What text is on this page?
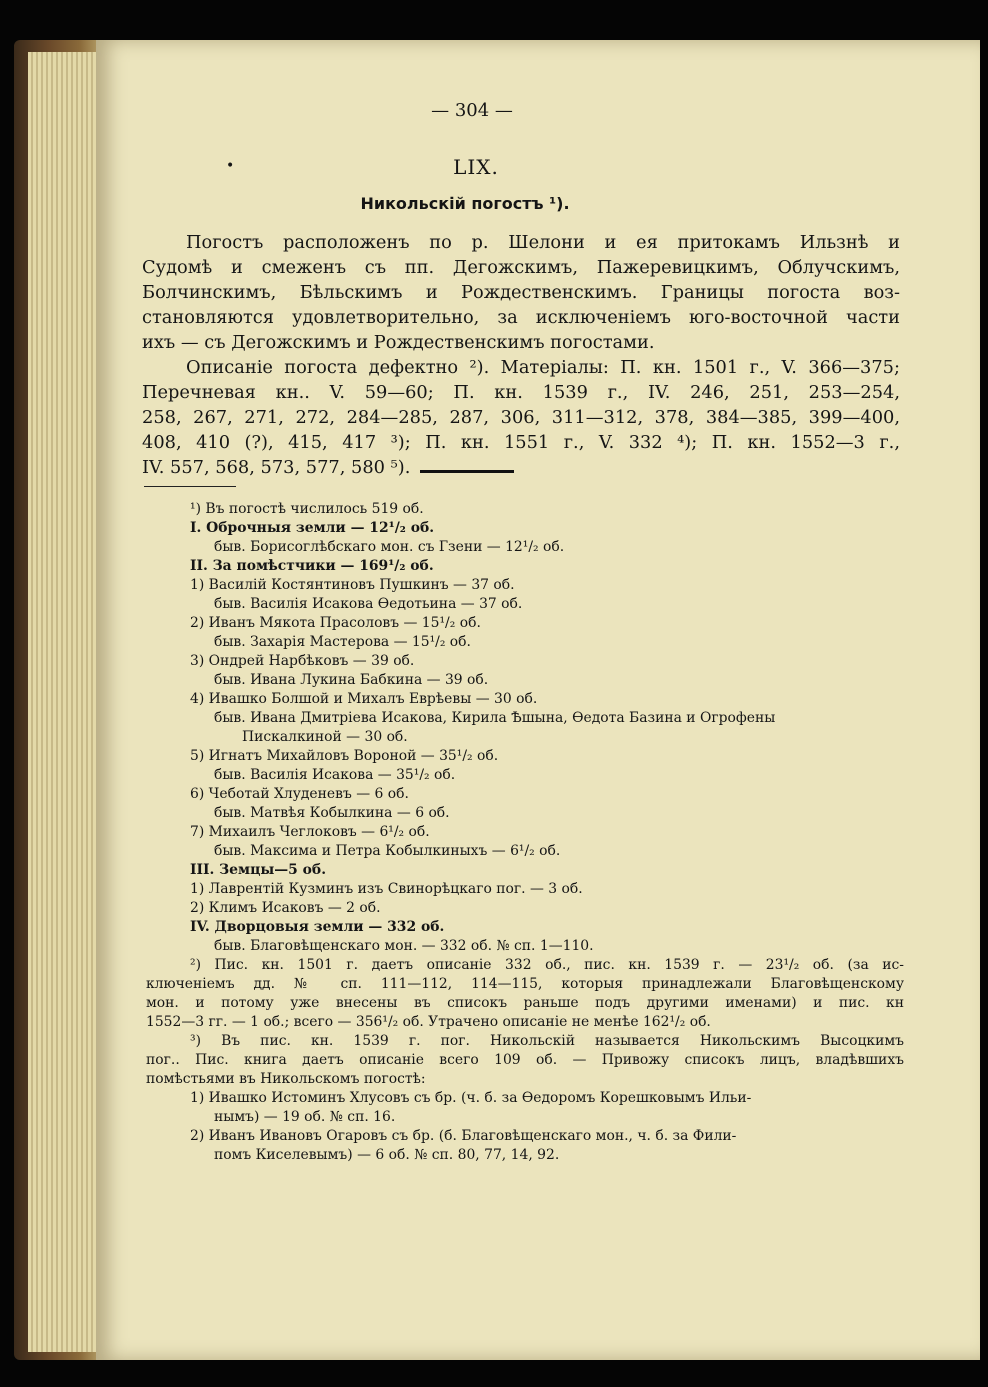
— 304 —
•	LIX.
Никольскій погостъ ¹).
Погостъ расположенъ по р. Шелони и ея притокамъ Ильзнѣ и
Судомѣ и смеженъ съ пп. Дегожскимъ, Пажеревицкимъ, Облучскимъ,
Болчинскимъ, Бѣльскимъ и Рождественскимъ. Границы погоста воз-
становляются удовлетворительно, за исключеніемъ юго-восточной части
ихъ — съ Дегожскимъ и Рождественскимъ погостами.
Описаніе погоста дефектно ²). Матеріалы: П. кн. 1501 г., V. 366—375;
Перечневая кн.. V. 59—60; П. кн. 1539 г., IV. 246, 251, 253—254,
258, 267, 271, 272, 284—285, 287, 306, 311—312, 378, 384—385, 399—400,
408, 410 (?), 415, 417 ³); П. кн. 1551 г., V. 332 ⁴); П. кн. 1552—3 г.,
IV. 557, 568, 573, 577, 580 ⁵).
¹) Въ погостѣ числилось 519 об.
I. Оброчныя земли — 12¹/₂ об.
быв. Борисоглѣбскаго мон. съ Гзени — 12¹/₂ об.
II. За помѣстчики — 169¹/₂ об.
1) Василій Костянтиновъ Пушкинъ — 37 об.
быв. Василія Исакова Өедотьина — 37 об.
2) Иванъ Мякота Прасоловъ — 15¹/₂ об.
быв. Захарія Мастерова — 15¹/₂ об.
3) Ондрей Нарбѣковъ — 39 об.
быв. Ивана Лукина Бабкина — 39 об.
4) Ивашко Болшой и Михалъ Еврѣевы — 30 об.
быв. Ивана Дмитріева Исакова, Кирила Ѣшына, Өедота Базина и Огрофены
Пискалкиной — 30 об.
5) Игнатъ Михайловъ Вороной — 35¹/₂ об.
быв. Василія Исакова — 35¹/₂ об.
6) Чеботай Хлуденевъ — 6 об.
быв. Матвѣя Кобылкина — 6 об.
7) Михаилъ Чеглоковъ — 6¹/₂ об.
быв. Максима и Петра Кобылкиныхъ — 6¹/₂ об.
III. Земцы—5 об.
1) Лаврентій Кузминъ изъ Свинорѣцкаго пог. — 3 об.
2) Климъ Исаковъ — 2 об.
IV. Дворцовыя земли — 332 об.
быв. Благовѣщенскаго мон. — 332 об. № сп. 1—110.
²) Пис. кн. 1501 г. даетъ описаніе 332 об., пис. кн. 1539 г. — 23¹/₂ об. (за ис-
ключеніемъ дд. № сп. 111—112, 114—115, которыя принадлежали Благовѣщенскому
мон. и потому уже внесены въ списокъ раньше подъ другими именами) и пис. кн
1552—3 гг. — 1 об.; всего — 356¹/₂ об. Утрачено описаніе не менѣе 162¹/₂ об.
³) Въ пис. кн. 1539 г. пог. Никольскій называется Никольскимъ Высоцкимъ
пог.. Пис. книга даетъ описаніе всего 109 об. — Привожу списокъ лицъ, владѣвшихъ
помѣстьями въ Никольскомъ погостѣ:
1) Ивашко Истоминъ Хлусовъ съ бр. (ч. б. за Өедоромъ Корешковымъ Ильи-
нымъ) — 19 об. № сп. 16.
2) Иванъ Ивановъ Огаровъ съ бр. (б. Благовѣщенскаго мон., ч. б. за Фили-
помъ Киселевымъ) — 6 об. № сп. 80, 77, 14, 92.
